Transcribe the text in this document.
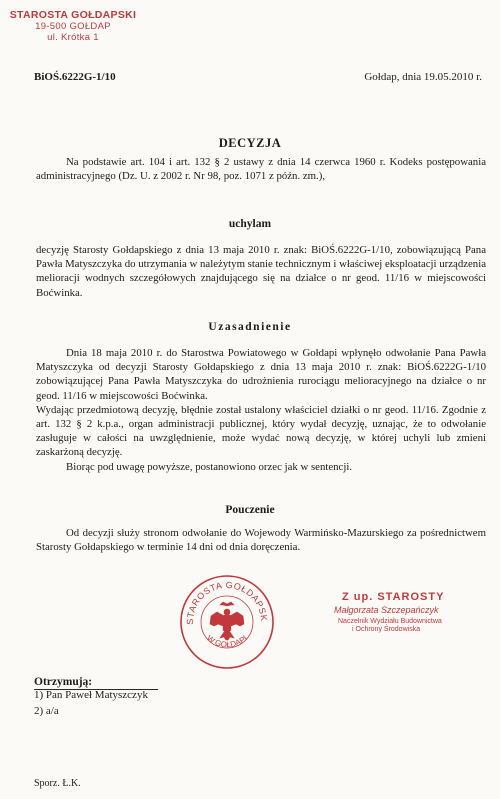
STAROSTA GOŁDAPSKI
19-500 GOŁDAP
ul. Krótka 1
BiOŚ.6222G-1/10	Gołdap, dnia 19.05.2010 r.
DECYZJA

Na podstawie art. 104 i art. 132 § 2 ustawy z dnia 14 czerwca 1960 r. Kodeks postępowania administracyjnego (Dz. U. z 2002 r. Nr 98, poz. 1071 z późn. zm.),

uchylam

decyzję Starosty Gołdapskiego z dnia 13 maja 2010 r. znak: BiOŚ.6222G-1/10, zobowiązującą Pana Pawła Matyszczyka do utrzymania w należytym stanie technicznym i właściwej eksploatacji urządzenia melioracji wodnych szczegółowych znajdującego się na działce o nr geod. 11/16 w miejscowości Boćwinka.

Uzasadnienie

Dnia 18 maja 2010 r. do Starostwa Powiatowego w Gołdapi wpłynęło odwołanie Pana Pawła Matyszczyka od decyzji Starosty Gołdapskiego z dnia 13 maja 2010 r. znak: BiOŚ.6222G-1/10 zobowiązującej Pana Pawła Matyszczyka do udrożnienia rurociągu melioracyjnego na działce o nr geod. 11/16 w miejscowości Boćwinka.

Wydając przedmiotową decyzję, błędnie został ustalony właściciel działki o nr geod. 11/16. Zgodnie z art. 132 § 2 k.p.a., organ administracji publicznej, który wydał decyzję, uznając, że to odwołanie zasługuje w całości na uwzględnienie, może wydać nową decyzję, w której uchyli lub zmieni zaskarżoną decyzję.

Biorąc pod uwagę powyższe, postanowiono orzec jak w sentencji.

Pouczenie

Od decyzji służy stronom odwołanie do Wojewody Warmińsko-Mazurskiego za pośrednictwem Starosty Gołdapskiego w terminie 14 dni od dnia doręczenia.

STAROSTA GOŁDAPSK
W GOŁDAPI
Z up. STAROSTY
Małgorzata Szczepańczyk
Naczelnik Wydziału Budownictwa
i Ochrony Środowiska
Otrzymują:
1) Pan Paweł Matyszczyk
2) a/a
Sporz. Ł.K.
